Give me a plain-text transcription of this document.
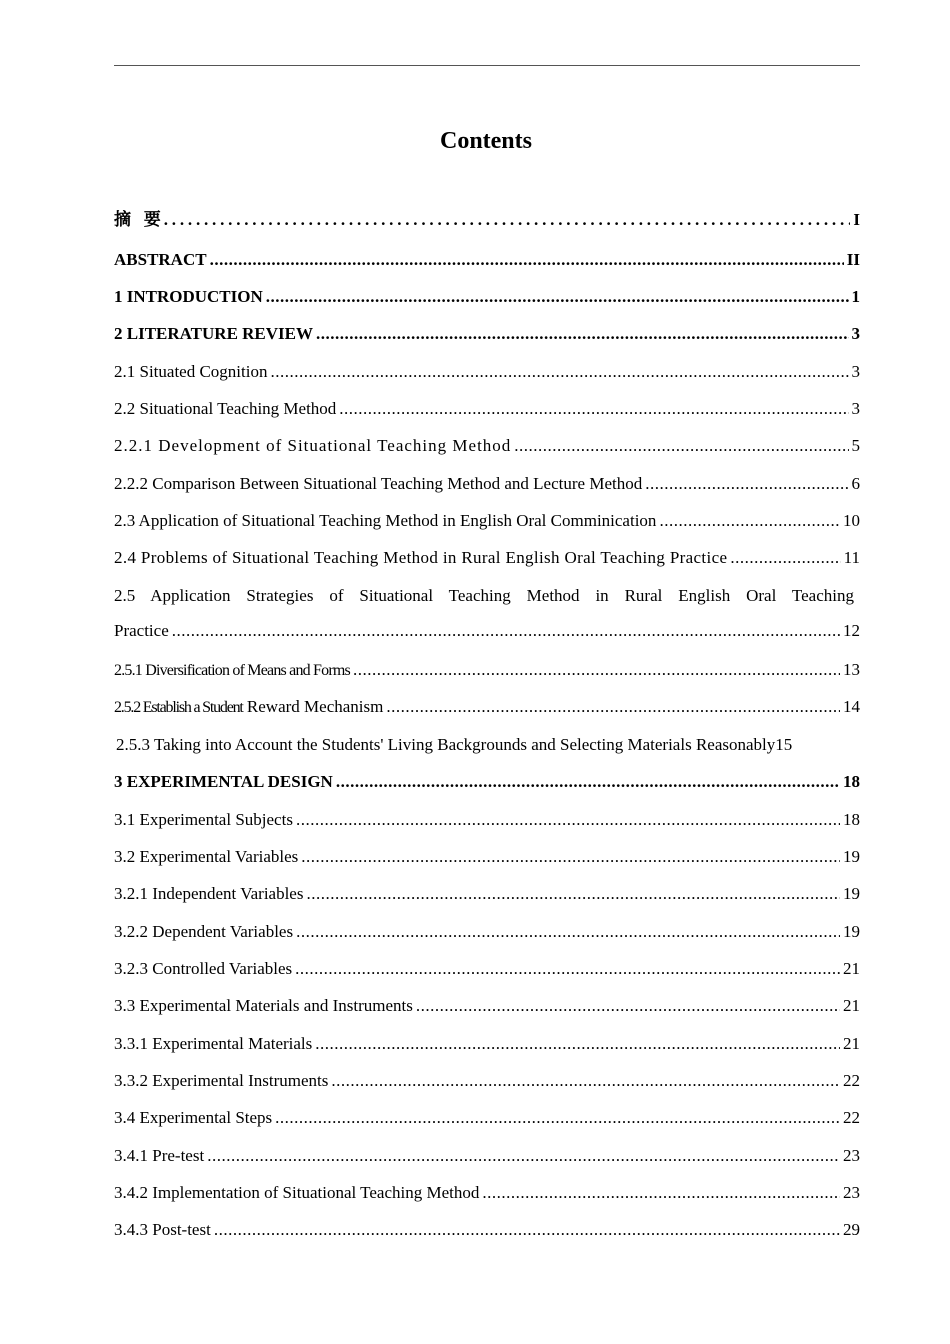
Contents
摘   要 .....	I
ABSTRACT .....	II
1 INTRODUCTION .....	1
2 LITERATURE REVIEW .....	3
2.1 Situated Cognition .....	3
2.2 Situational Teaching Method .....	3
2.2.1 Development of Situational Teaching Method .....	5
2.2.2 Comparison Between Situational Teaching Method and Lecture Method .....	6
2.3 Application of Situational Teaching Method in English Oral Comminication .....	10
2.4 Problems of Situational Teaching Method in Rural English Oral Teaching Practice .....	11
2.5 Application Strategies of Situational Teaching Method in Rural English Oral Teaching
Practice .....	12
2.5.1 Diversification of Means and Forms .....	13
2.5.2 Establish a Student Reward Mechanism .....	14
2.5.3 Taking into Account the Students' Living Backgrounds and Selecting Materials Reasonably 15
3 EXPERIMENTAL DESIGN .....	18
3.1 Experimental Subjects .....	18
3.2 Experimental Variables .....	19
3.2.1 Independent Variables .....	19
3.2.2 Dependent Variables .....	19
3.2.3 Controlled Variables .....	21
3.3 Experimental Materials and Instruments .....	21
3.3.1 Experimental Materials .....	21
3.3.2 Experimental Instruments .....	22
3.4 Experimental Steps .....	22
3.4.1 Pre-test .....	23
3.4.2 Implementation of Situational Teaching Method .....	23
3.4.3 Post-test .....	29
